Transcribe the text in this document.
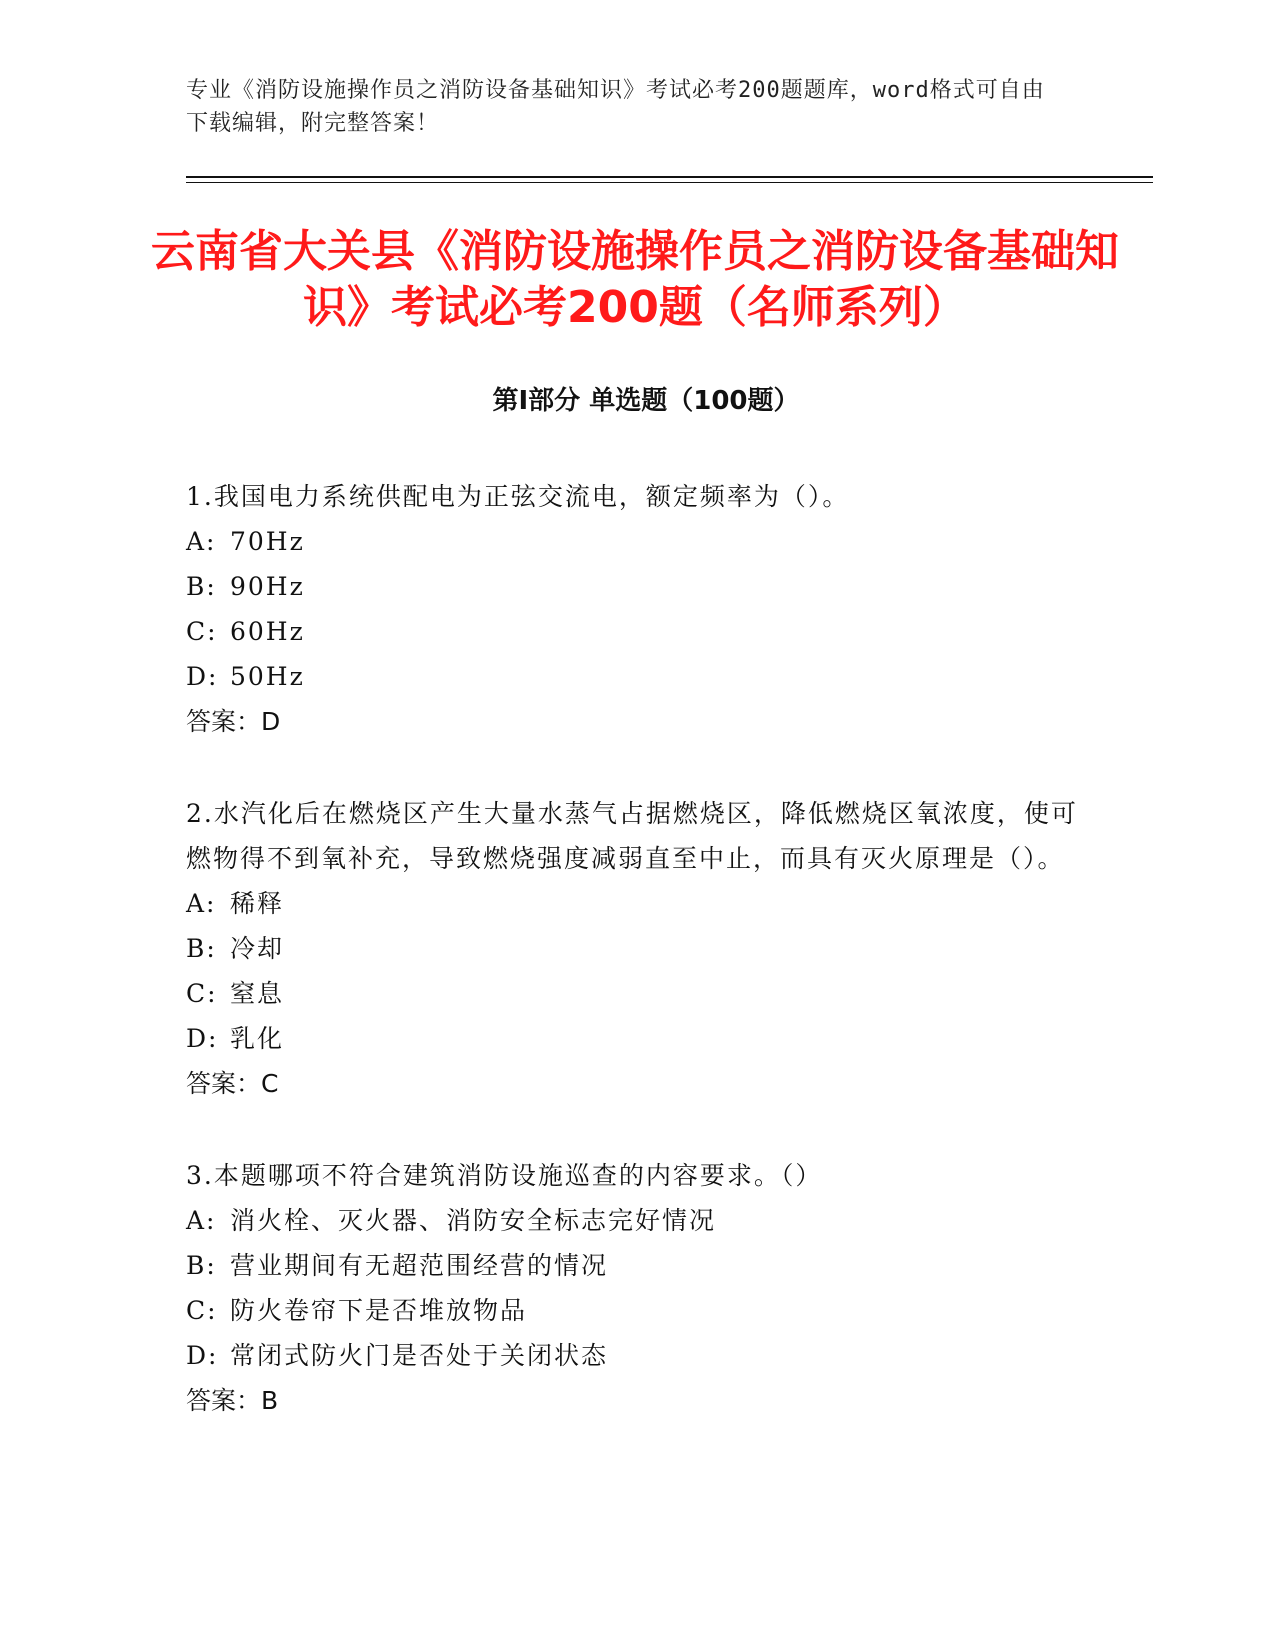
专业《消防设施操作员之消防设备基础知识》考试必考200题题库，word格式可自由下载编辑，附完整答案！
云南省大关县《消防设施操作员之消防设备基础知识》考试必考200题（名师系列）
第Ⅰ部分 单选题（100题）

1.我国电力系统供配电为正弦交流电，额定频率为（）。

A: 70Hz

B: 90Hz

C: 60Hz

D: 50Hz

答案：D

2.水汽化后在燃烧区产生大量水蒸气占据燃烧区，降低燃烧区氧浓度，使可燃物得不到氧补充，导致燃烧强度减弱直至中止，而具有灭火原理是（）。

A: 稀释

B: 冷却

C: 窒息

D: 乳化

答案：C

3.本题哪项不符合建筑消防设施巡查的内容要求。（）

A: 消火栓、灭火器、消防安全标志完好情况

B: 营业期间有无超范围经营的情况

C: 防火卷帘下是否堆放物品

D: 常闭式防火门是否处于关闭状态

答案：B
